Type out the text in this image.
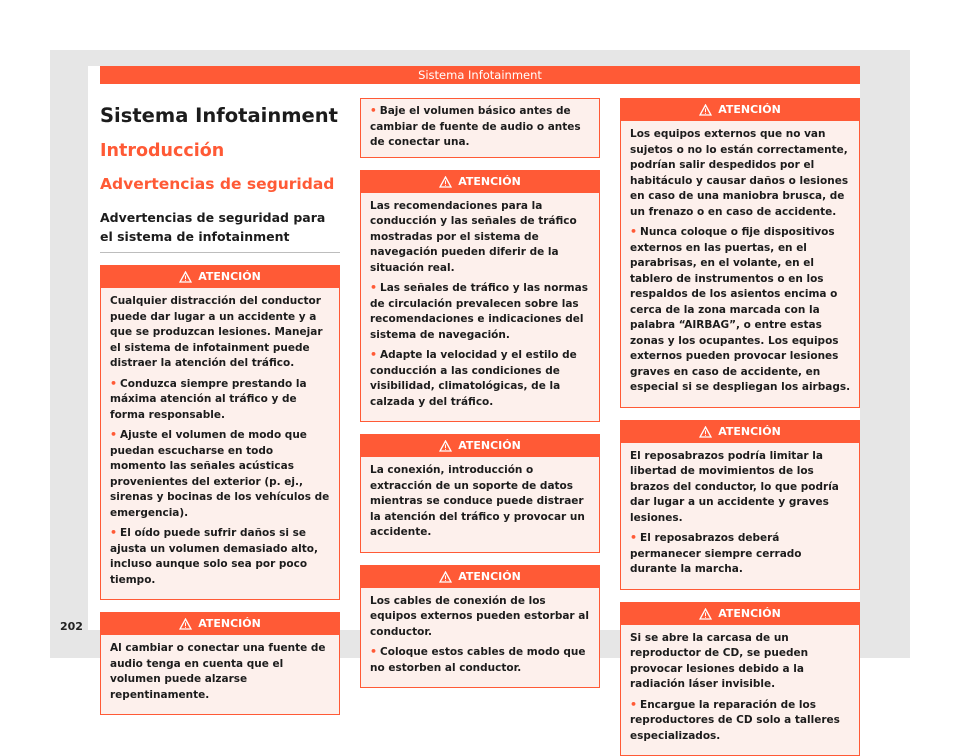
Sistema Infotainment
Sistema Infotainment
Introducción
Advertencias de seguridad
Advertencias de seguridad para el sistema de infotainment
ATENCIÓN

Cualquier distracción del conductor puede dar lugar a un accidente y a que se produzcan lesiones. Manejar el sistema de infotainment puede distraer la atención del tráfico.

• Conduzca siempre prestando la máxima atención al tráfico y de forma responsable.

• Ajuste el volumen de modo que puedan escucharse en todo momento las señales acústicas provenientes del exterior (p. ej., sirenas y bocinas de los vehículos de emergencia).

• El oído puede sufrir daños si se ajusta un volumen demasiado alto, incluso aunque solo sea por poco tiempo.

ATENCIÓN

Al cambiar o conectar una fuente de audio tenga en cuenta que el volumen puede alzarse repentinamente.

• Baje el volumen básico antes de cambiar de fuente de audio o antes de conectar una.

ATENCIÓN

Las recomendaciones para la conducción y las señales de tráfico mostradas por el sistema de navegación pueden diferir de la situación real.

• Las señales de tráfico y las normas de circulación prevalecen sobre las recomendaciones e indicaciones del sistema de navegación.

• Adapte la velocidad y el estilo de conducción a las condiciones de visibilidad, climatológicas, de la calzada y del tráfico.

ATENCIÓN

La conexión, introducción o extracción de un soporte de datos mientras se conduce puede distraer la atención del tráfico y provocar un accidente.

ATENCIÓN

Los cables de conexión de los equipos externos pueden estorbar al conductor.

• Coloque estos cables de modo que no estorben al conductor.

ATENCIÓN

Los equipos externos que no van sujetos o no lo están correctamente, podrían salir despedidos por el habitáculo y causar daños o lesiones en caso de una maniobra brusca, de un frenazo o en caso de accidente.

• Nunca coloque o fije dispositivos externos en las puertas, en el parabrisas, en el volante, en el tablero de instrumentos o en los respaldos de los asientos encima o cerca de la zona marcada con la palabra “AIRBAG”, o entre estas zonas y los ocupantes. Los equipos externos pueden provocar lesiones graves en caso de accidente, en especial si se despliegan los airbags.

ATENCIÓN

El reposabrazos podría limitar la libertad de movimientos de los brazos del conductor, lo que podría dar lugar a un accidente y graves lesiones.

• El reposabrazos deberá permanecer siempre cerrado durante la marcha.

ATENCIÓN

Si se abre la carcasa de un reproductor de CD, se pueden provocar lesiones debido a la radiación láser invisible.

• Encargue la reparación de los reproductores de CD solo a talleres especializados.

202
